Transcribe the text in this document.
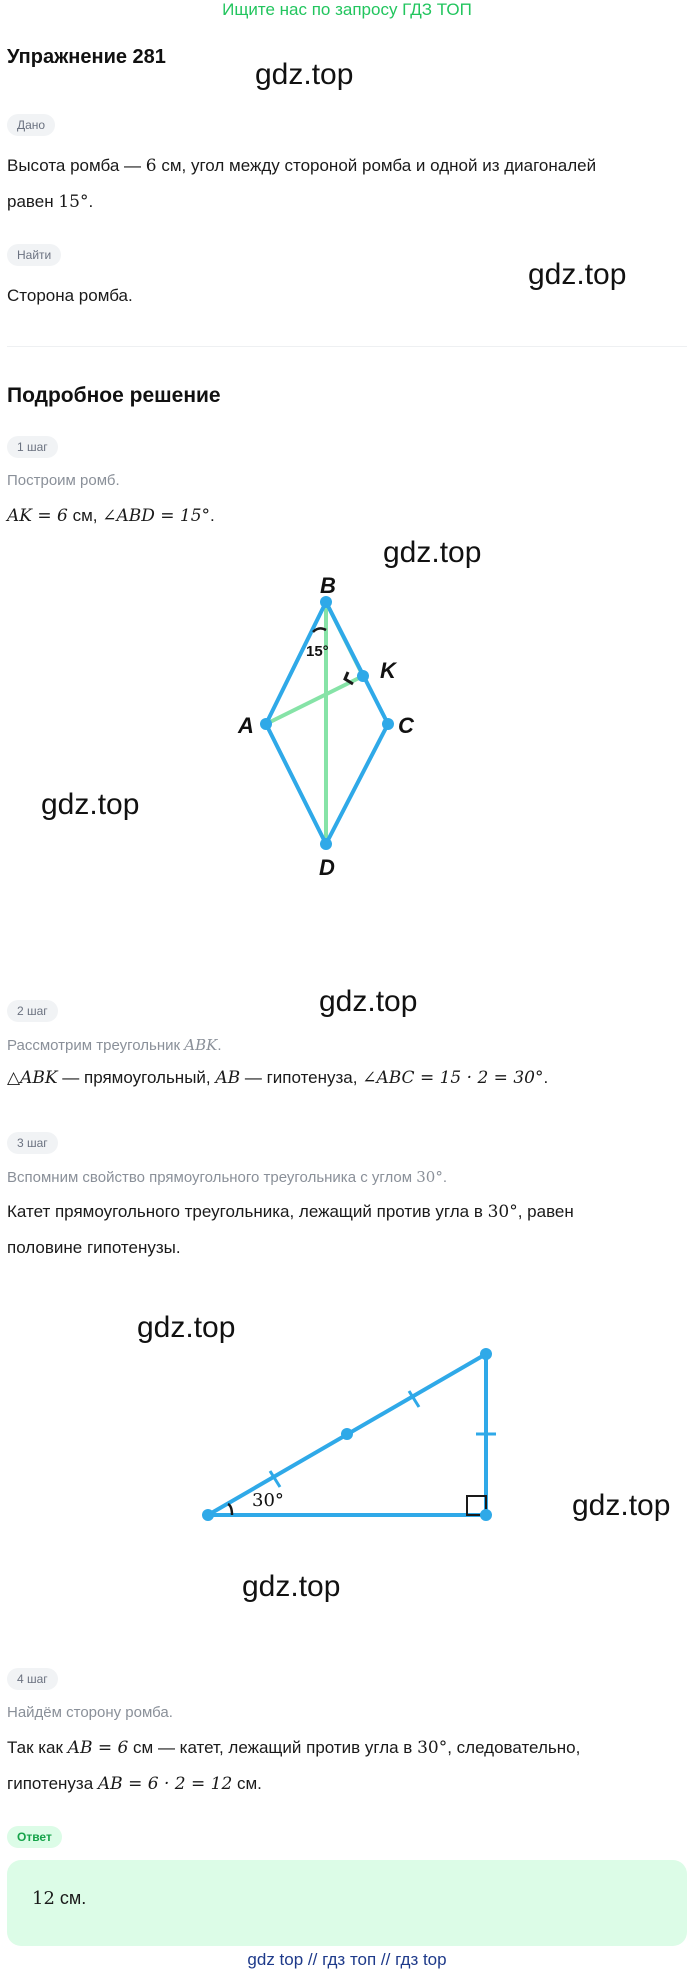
Ищите нас по запросу ГДЗ ТОП
Упражнение 281
gdz.top
gdz.top
gdz.top
gdz.top
gdz.top
gdz.top
gdz.top
gdz.top
Дано
Высота ромба — 6 см, угол между стороной ромба и одной из диагоналей
равен 15°.
Найти
Сторона ромба.
Подробное решение
1 шаг
Построим ромб.
AK = 6 см, ∠ABD = 15°.
B
K
A	C
D
15°
2 шаг
Рассмотрим треугольник ABK.
△ABK — прямоугольный, AB — гипотенуза, ∠ABC = 15 · 2 = 30°.
3 шаг
Вспомним свойство прямоугольного треугольника с углом 30°.
Катет прямоугольного треугольника, лежащий против угла в 30°, равен
половине гипотенузы.
30°
4 шаг
Найдём сторону ромба.
Так как AB = 6 см — катет, лежащий против угла в 30°, следовательно,
гипотенуза AB = 6 · 2 = 12 см.
Ответ
12 см.
gdz top // гдз топ // гдз top
